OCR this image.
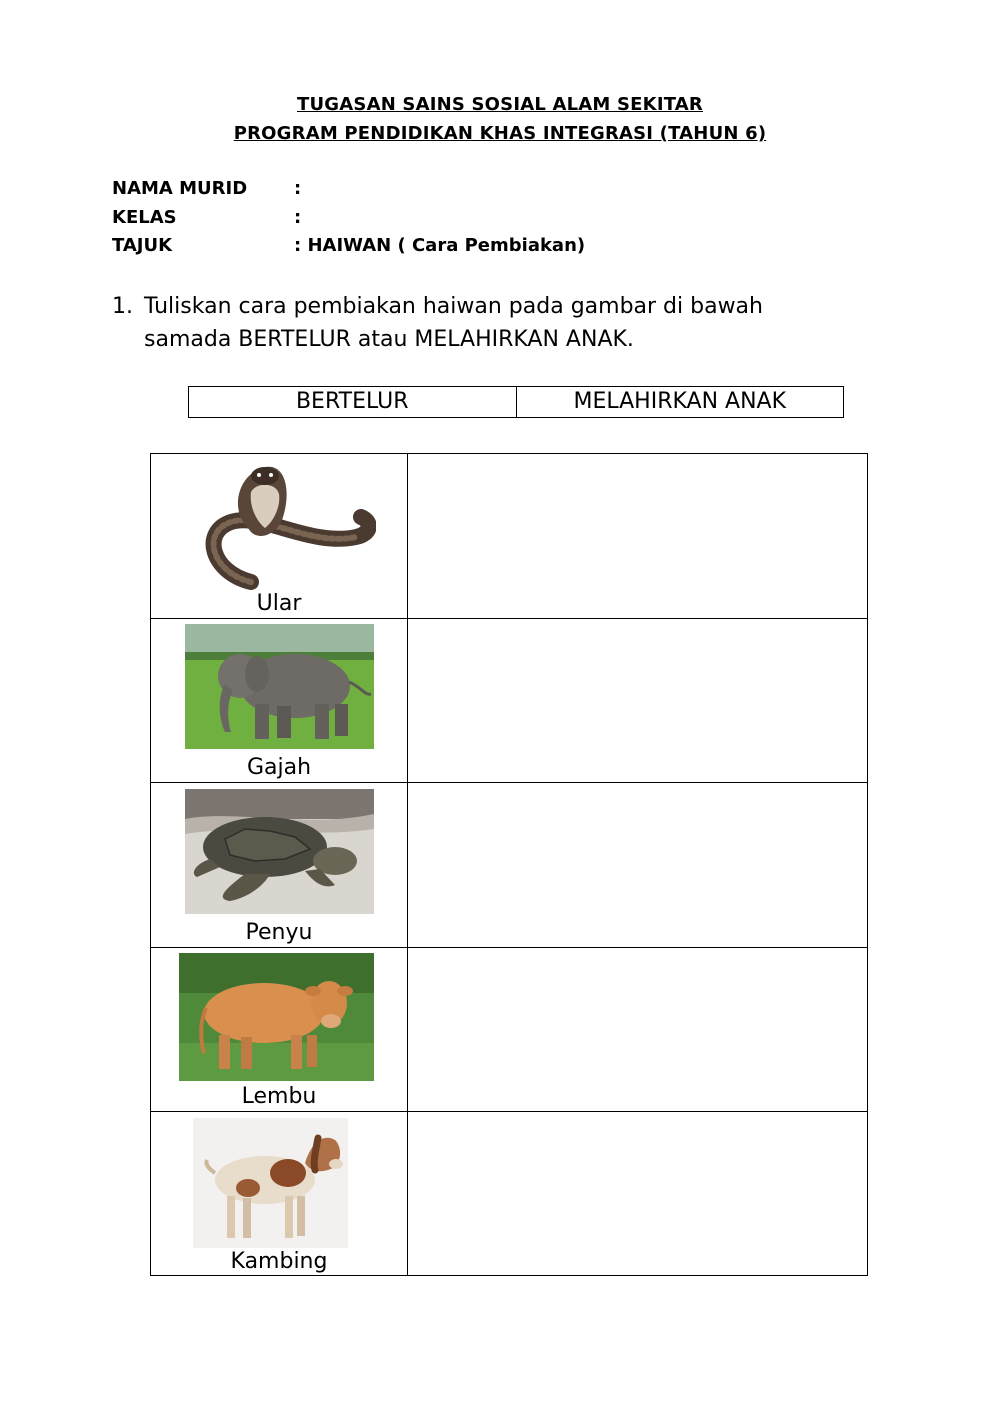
TUGASAN SAINS SOSIAL ALAM SEKITAR
PROGRAM PENDIDIKAN KHAS INTEGRASI (TAHUN 6)
NAMA MURID	:
KELAS	:
TAJUK	: HAIWAN ( Cara Pembiakan)
1. Tuliskan cara pembiakan haiwan pada gambar di bawah samada BERTELUR atau MELAHIRKAN ANAK.
BERTELUR	MELAHIRKAN ANAK
Ular
Gajah
Penyu
Lembu
Kambing
